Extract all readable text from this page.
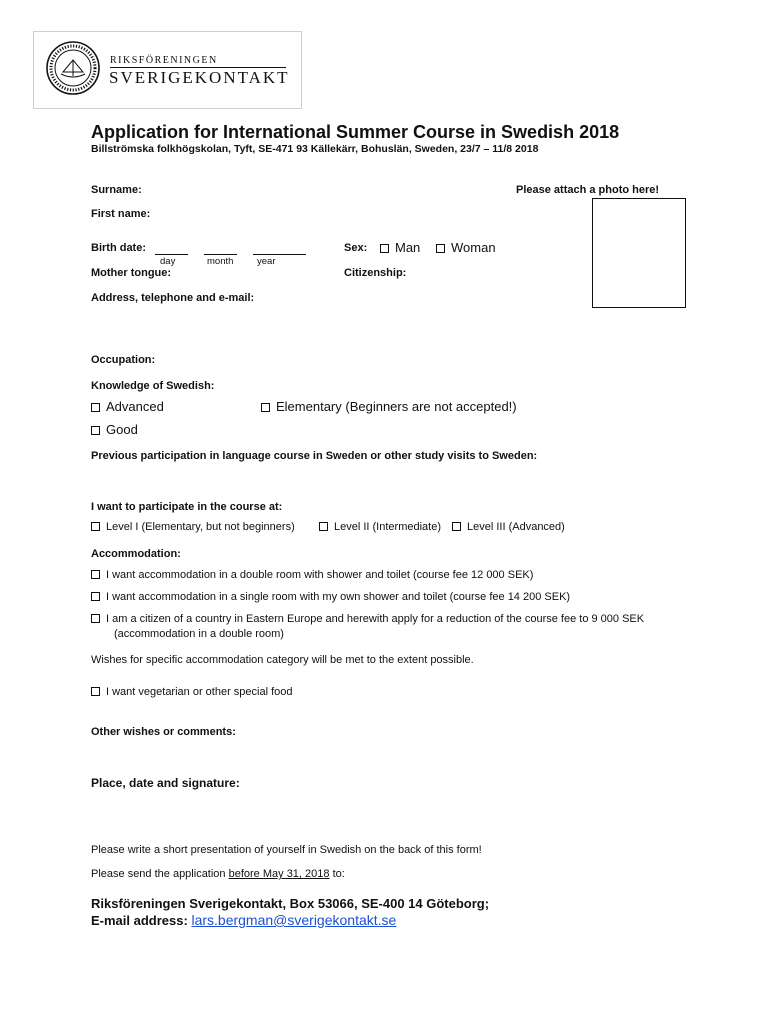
RIKSFÖRENINGEN
SVERIGEKONTAKT
Application for International Summer Course in Swedish 2018
Billströmska folkhögskolan, Tyft, SE-471 93 Källekärr, Bohuslän, Sweden, 23/7 – 11/8 2018
Surname:	Please attach a photo here!
First name:
Birth date:
day	month year
Sex:	Man	Woman
Mother tongue:	Citizenship:
Address, telephone and e-mail:
Occupation:
Knowledge of Swedish:
Advanced	Elementary (Beginners are not accepted!)
Good
Previous participation in language course in Sweden or other study visits to Sweden:
I want to participate in the course at:
Level I (Elementary, but not beginners)	Level II (Intermediate)	Level III (Advanced)
Accommodation:
I want accommodation in a double room with shower and toilet (course fee 12 000 SEK)
I want accommodation in a single room with my own shower and toilet (course fee 14 200 SEK)
I am a citizen of a country in Eastern Europe and herewith apply for a reduction of the course fee to 9 000 SEK
(accommodation in a double room)
Wishes for specific accommodation category will be met to the extent possible.
I want vegetarian or other special food
Other wishes or comments:
Place, date and signature:
Please write a short presentation of yourself in Swedish on the back of this form!
Please send the application before May 31, 2018 to:
Riksföreningen Sverigekontakt, Box 53066, SE-400 14 Göteborg;
E-mail address: lars.bergman@sverigekontakt.se
